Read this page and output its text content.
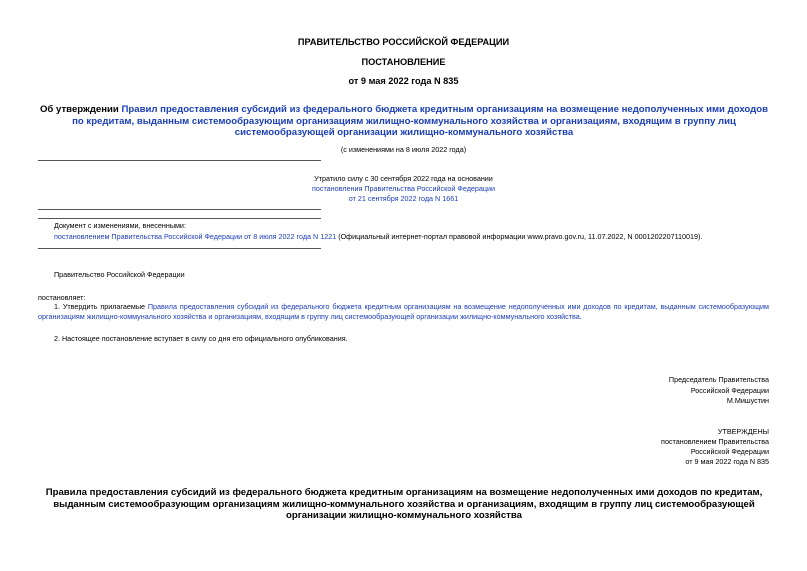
ПРАВИТЕЛЬСТВО РОССИЙСКОЙ ФЕДЕРАЦИИ
ПОСТАНОВЛЕНИЕ
от 9 мая 2022 года N 835
Об утверждении Правил предоставления субсидий из федерального бюджета кредитным организациям на возмещение недополученных ими доходов по кредитам, выданным системообразующим организациям жилищно-коммунального хозяйства и организациям, входящим в группу лиц системообразующей организации жилищно-коммунального хозяйства
(с изменениями на 8 июля 2022 года)
Утратило силу с 30 сентября 2022 года на основании
постановления Правительства Российской Федерации
от 21 сентября 2022 года N 1661
Документ с изменениями, внесенными:
постановлением Правительства Российской Федерации от 8 июля 2022 года N 1221 (Официальный интернет-портал правовой информации www.pravo.gov.ru, 11.07.2022, N 0001202207110019).
Правительство Российской Федерации
постановляет:
1. Утвердить прилагаемые Правила предоставления субсидий из федерального бюджета кредитным организациям на возмещение недополученных ими доходов по кредитам, выданным системообразующим организациям жилищно-коммунального хозяйства и организациям, входящим в группу лиц системообразующей организации жилищно-коммунального хозяйства.
2. Настоящее постановление вступает в силу со дня его официального опубликования.
Председатель Правительства
Российской Федерации
М.Мишустин
УТВЕРЖДЕНЫ
постановлением Правительства
Российской Федерации
от 9 мая 2022 года N 835
Правила предоставления субсидий из федерального бюджета кредитным организациям на возмещение недополученных ими доходов по кредитам, выданным системообразующим организациям жилищно-коммунального хозяйства и организациям, входящим в группу лиц системообразующей организации жилищно-коммунального хозяйства
